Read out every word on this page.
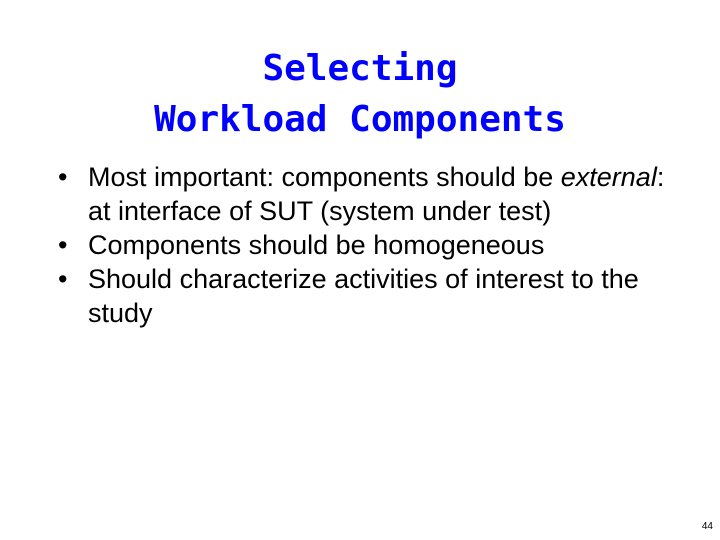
Selecting
Workload Components
• Most important: components should be external: at interface of SUT (system under test)
• Components should be homogeneous
• Should characterize activities of interest to the study
44
